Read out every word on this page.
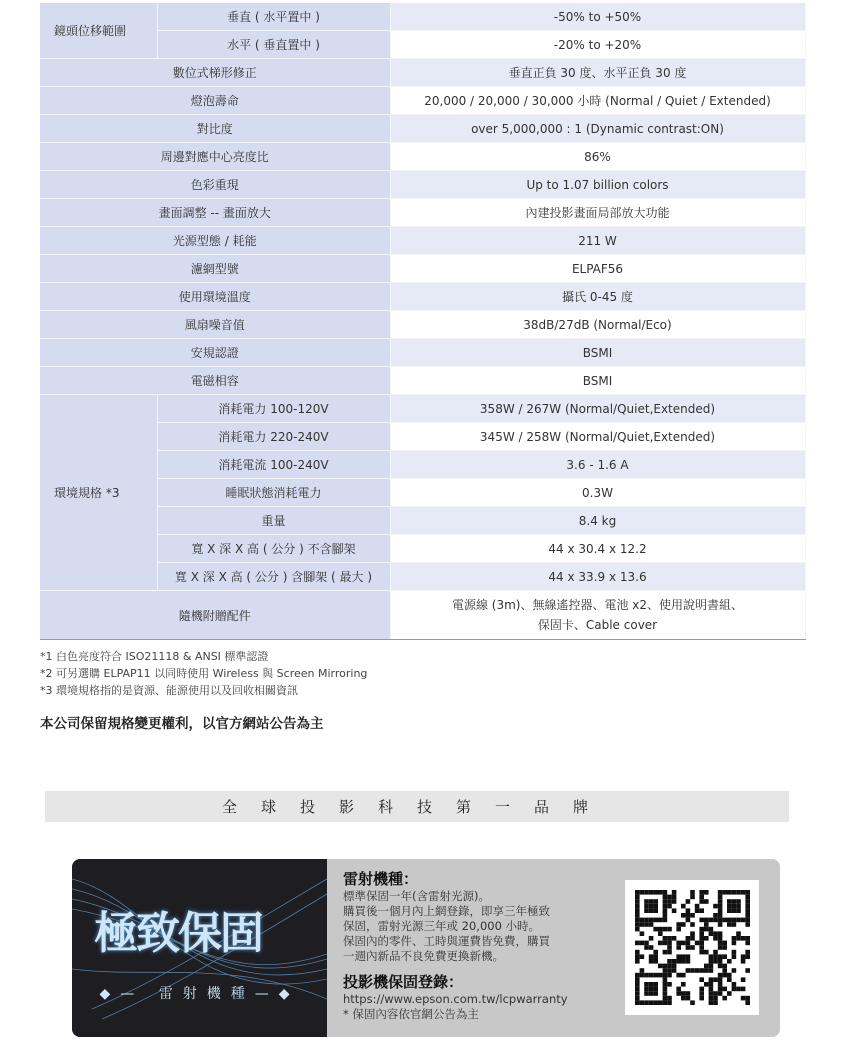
鏡頭位移範圍	垂直 ( 水平置中 )	-50% to +50%
	水平 ( 垂直置中 )	-20% to +20%
數位式梯形修正		垂直正負 30 度、水平正負 30 度
燈泡壽命		20,000 / 20,000 / 30,000 小時 (Normal / Quiet / Extended)
對比度		over 5,000,000 : 1 (Dynamic contrast:ON)
周邊對應中心亮度比		86%
色彩重現		Up to 1.07 billion colors
畫面調整 -- 畫面放大		內建投影畫面局部放大功能
光源型態 / 耗能		211 W
濾網型號		ELPAF56
使用環境溫度		攝氏 0-45 度
風扇噪音值		38dB/27dB (Normal/Eco)
安規認證		BSMI
電磁相容		BSMI
環境規格 *3	消耗電力 100-120V	358W / 267W (Normal/Quiet,Extended)
	消耗電力 220-240V	345W / 258W (Normal/Quiet,Extended)
	消耗電流 100-240V	3.6 - 1.6 A
	睡眠狀態消耗電力	0.3W
	重量	8.4 kg
	寬 X 深 X 高 ( 公分 ) 不含腳架	44 x 30.4 x 12.2
	寬 X 深 X 高 ( 公分 ) 含腳架 ( 最大 )	44 x 33.9 x 13.6
隨機附贈配件		電源線 (3m)、無線遙控器、電池 x2、使用說明書組、
保固卡、Cable cover
*1 白色亮度符合 ISO21118 & ANSI 標準認證
*2 可另選購 ELPAP11 以同時使用 Wireless 與 Screen Mirroring
*3 環境規格指的是資源、能源使用以及回收相關資訊
本公司保留規格變更權利，以官方網站公告為主
全球投影科技第一品牌
極致保固
◆— 雷射機種—◆
雷射機種：
標準保固一年(含雷射光源)。
購買後一個月內上網登錄，即享三年極致
保固，雷射光源三年或 20,000 小時。
保固內的零件、工時與運費皆免費，購買
一週內新品不良免費更換新機。
投影機保固登錄：
https://www.epson.com.tw/lcpwarranty
* 保固內容依官網公告為主
